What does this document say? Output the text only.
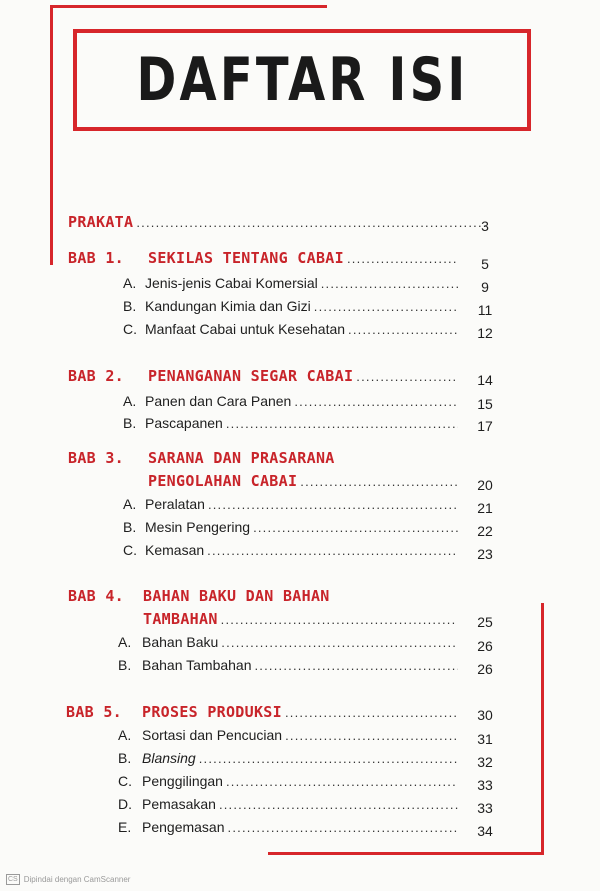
DAFTAR ISI
PRAKATA .....	3
BAB 1. SEKILAS TENTANG CABAI .....	5
A. Jenis-jenis Cabai Komersial .....	9
B. Kandungan Kimia dan Gizi .....	11
C. Manfaat Cabai untuk Kesehatan .....	12
BAB 2. PENANGANAN SEGAR CABAI .....	14
A. Panen dan Cara Panen .....	15
B. Pascapanen .....	17
BAB 3. SARANA DAN PRASARANA
PENGOLAHAN CABAI .....	20
A. Peralatan .....	21
B. Mesin Pengering .....	22
C. Kemasan .....	23
BAB 4. BAHAN BAKU DAN BAHAN
TAMBAHAN .....	25
A. Bahan Baku .....	26
B. Bahan Tambahan .....	26
BAB 5. PROSES PRODUKSI .....	30
A. Sortasi dan Pencucian .....	31
B. Blansing .....	32
C. Penggilingan .....	33
D. Pemasakan .....	33
E. Pengemasan .....	34
CS Dipindai dengan CamScanner
